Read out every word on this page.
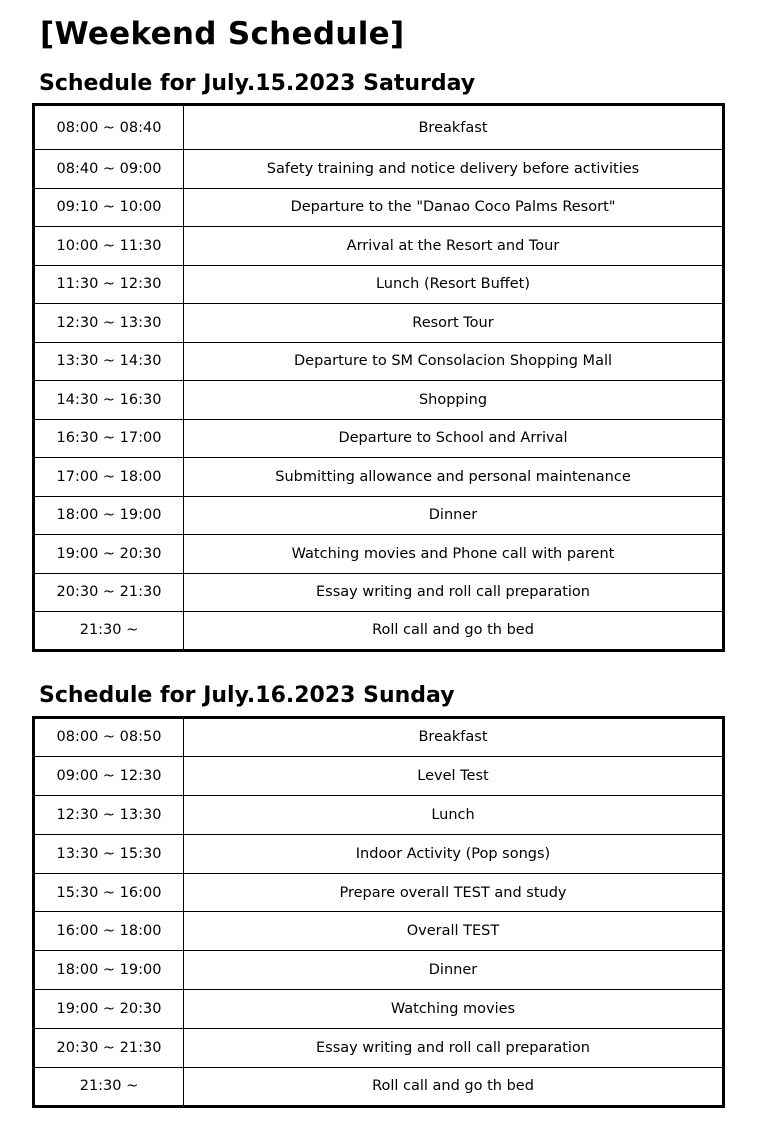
[Weekend Schedule]
Schedule for July.15.2023 Saturday
08:00 ~ 08:40	Breakfast
08:40 ~ 09:00	Safety training and notice delivery before activities
09:10 ~ 10:00	Departure to the "Danao Coco Palms Resort"
10:00 ~ 11:30	Arrival at the Resort and Tour
11:30 ~ 12:30	Lunch (Resort Buffet)
12:30 ~ 13:30	Resort Tour
13:30 ~ 14:30	Departure to SM Consolacion Shopping Mall
14:30 ~ 16:30	Shopping
16:30 ~ 17:00	Departure to School and Arrival
17:00 ~ 18:00	Submitting allowance and personal maintenance
18:00 ~ 19:00	Dinner
19:00 ~ 20:30	Watching movies and Phone call with parent
20:30 ~ 21:30	Essay writing and roll call preparation
21:30 ~	Roll call and go th bed
Schedule for July.16.2023 Sunday
08:00 ~ 08:50	Breakfast
09:00 ~ 12:30	Level Test
12:30 ~ 13:30	Lunch
13:30 ~ 15:30	Indoor Activity (Pop songs)
15:30 ~ 16:00	Prepare overall TEST and study
16:00 ~ 18:00	Overall TEST
18:00 ~ 19:00	Dinner
19:00 ~ 20:30	Watching movies
20:30 ~ 21:30	Essay writing and roll call preparation
21:30 ~	Roll call and go th bed
